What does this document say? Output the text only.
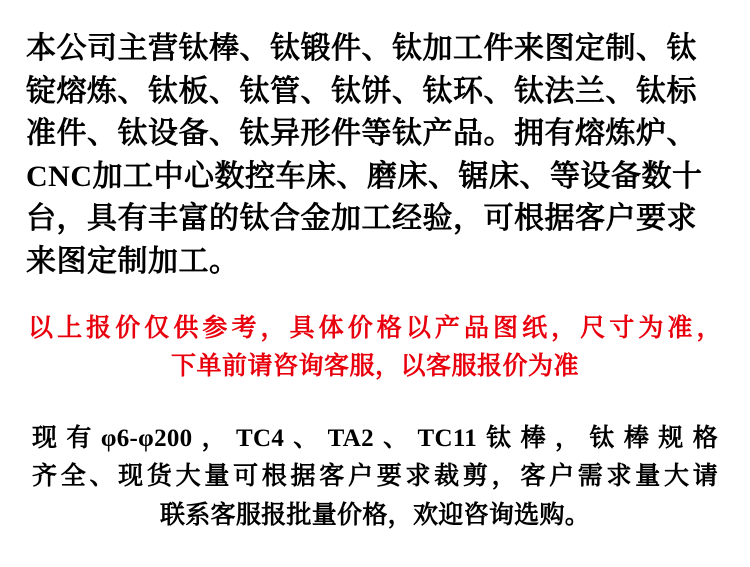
本公司主营钛棒、钛锻件、钛加工件来图定制、钛锭熔炼、钛板、钛管、钛饼、钛环、钛法兰、钛标准件、钛设备、钛异形件等钛产品。拥有熔炼炉、CNC加工中心数控车床、磨床、锯床、等设备数十台，具有丰富的钛合金加工经验，可根据客户要求来图定制加工。

以上报价仅供参考，具体价格以产品图纸，尺寸为准，
下单前请咨询客服，以客服报价为准
现有φ6-φ200，TC4、TA2、TC11钛棒，钛棒规格
齐全、现货大量可根据客户要求裁剪，客户需求量大请
联系客服报批量价格，欢迎咨询选购。
